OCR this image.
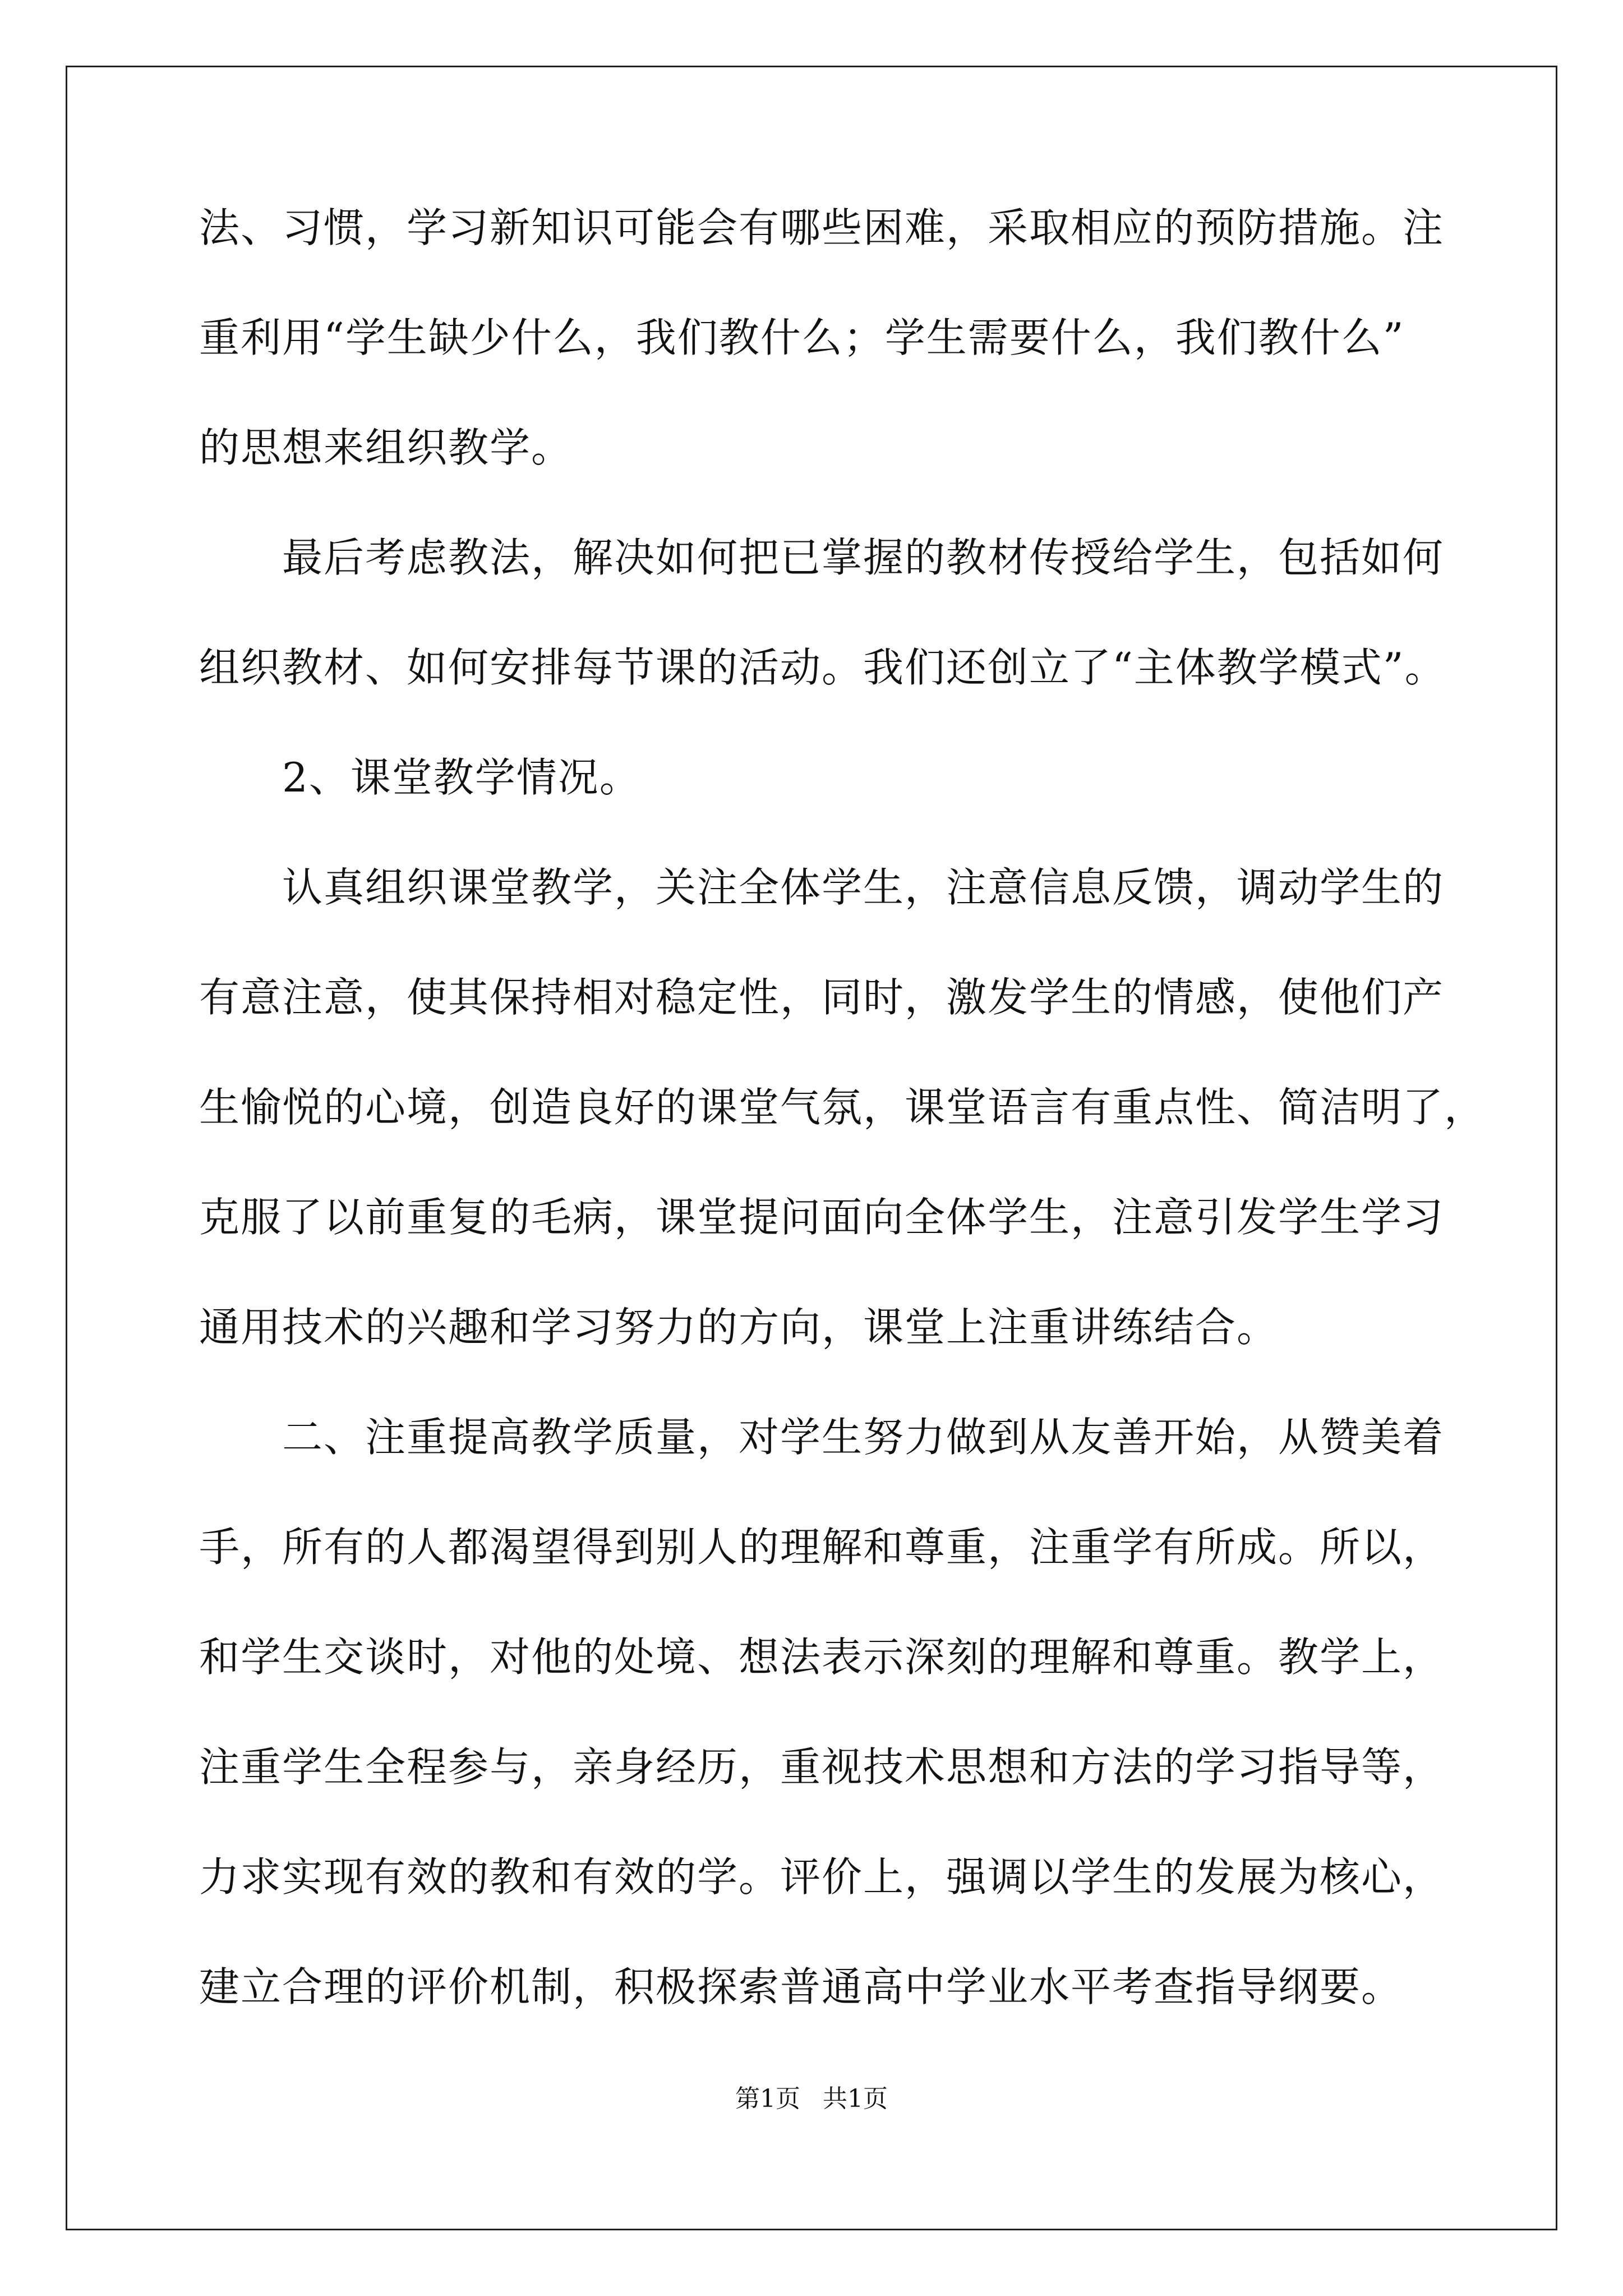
法、习惯，学习新知识可能会有哪些困难，采取相应的预防措施。注
重利用“学生缺少什么，我们教什么；学生需要什么，我们教什么”
的思想来组织教学。
　　最后考虑教法，解决如何把已掌握的教材传授给学生，包括如何
组织教材、如何安排每节课的活动。我们还创立了“主体教学模式”。
　　2、课堂教学情况。
　　认真组织课堂教学，关注全体学生，注意信息反馈，调动学生的
有意注意，使其保持相对稳定性，同时，激发学生的情感，使他们产
生愉悦的心境，创造良好的课堂气氛，课堂语言有重点性、简洁明了，
克服了以前重复的毛病，课堂提问面向全体学生，注意引发学生学习
通用技术的兴趣和学习努力的方向，课堂上注重讲练结合。
　　二、注重提高教学质量，对学生努力做到从友善开始，从赞美着
手，所有的人都渴望得到别人的理解和尊重，注重学有所成。所以，
和学生交谈时，对他的处境、想法表示深刻的理解和尊重。教学上，
注重学生全程参与，亲身经历，重视技术思想和方法的学习指导等，
力求实现有效的教和有效的学。评价上，强调以学生的发展为核心，
建立合理的评价机制，积极探索普通高中学业水平考查指导纲要。
第1页 共1页
